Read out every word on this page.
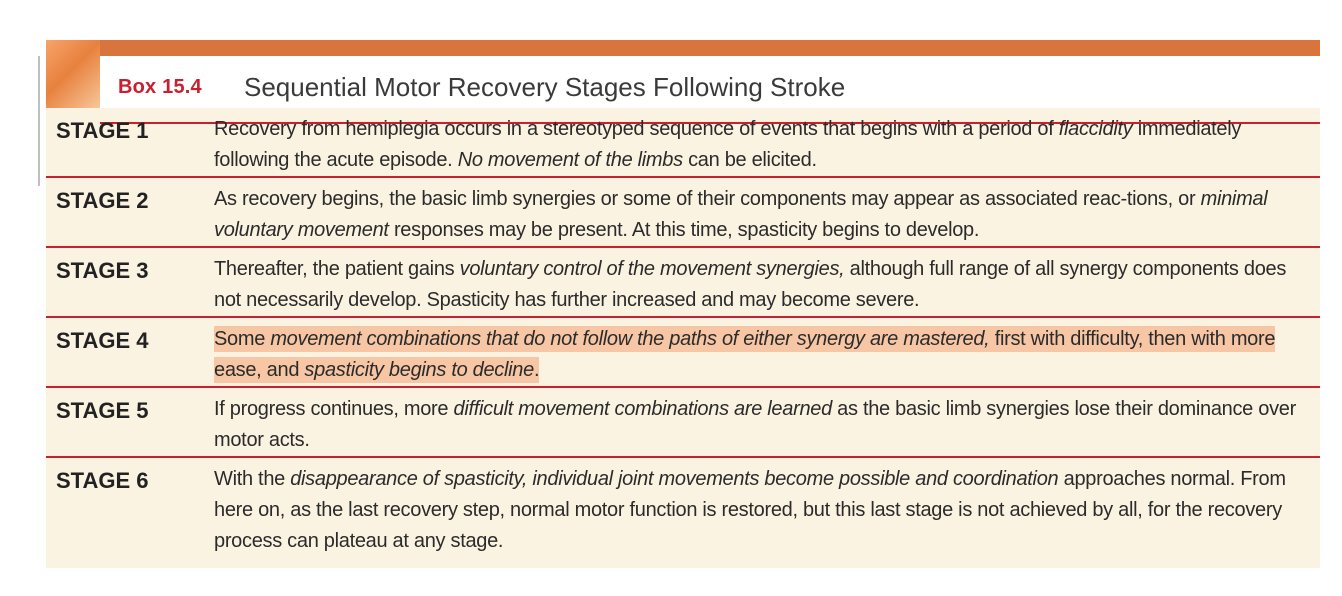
Box 15.4 Sequential Motor Recovery Stages Following Stroke
STAGE 1	Recovery from hemiplegia occurs in a stereotyped sequence of events that begins with a period of flaccidity immediately following the acute episode. No movement of the limbs can be elicited.
STAGE 2	As recovery begins, the basic limb synergies or some of their components may appear as associated reac-tions, or minimal voluntary movement responses may be present. At this time, spasticity begins to develop.
STAGE 3	Thereafter, the patient gains voluntary control of the movement synergies, although full range of all synergy components does not necessarily develop. Spasticity has further increased and may become severe.
STAGE 4	Some movement combinations that do not follow the paths of either synergy are mastered, first with difficulty, then with more ease, and spasticity begins to decline.
STAGE 5	If progress continues, more difficult movement combinations are learned as the basic limb synergies lose their dominance over motor acts.
STAGE 6	With the disappearance of spasticity, individual joint movements become possible and coordination approaches normal. From here on, as the last recovery step, normal motor function is restored, but this last stage is not achieved by all, for the recovery process can plateau at any stage.
